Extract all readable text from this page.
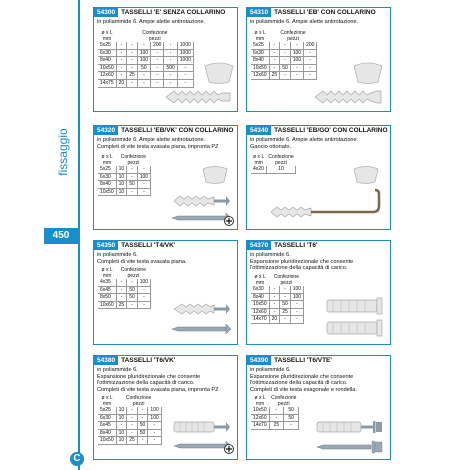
fissaggio
450
C
54300 TASSELLI 'E' SENZA COLLARINO
in poliammide 6. Ampie alette antirotazione.
ø x L	Confezione					
mm	pezzi					
5x25	-	-	-	200	-	1000
6x30	-	-	100	-	-	1000
8x40	-	-	100	-	-	1000
10x50	-	-	50	-	500	-
12x60	-	25	-	-	-	-
14x75	20	-	-	-	-	-
54310 TASSELLI 'EB' CON COLLARINO
in poliammide 6. Ampie alette antirotazione.
ø x L	Confezione			
mm	pezzi			
5x25	-	-	-	200
6x30	-	-	100	-
8x40	-	-	100	-
10x50	-	50	-	-
12x60	25	-	-	-
54320 TASSELLI 'EB/VK' CON COLLARINO
in poliammide 6. Ampie alette antirotazione.
Completi di vite testa svasata piana, impronta PZ
ø x L	Confezione		
mm	pezzi		
5x25	10	-	-
6x30	10	-	100
8x40	10	50	-
10x50	10	-	-
54340 TASSELLI 'EB/GO' CON COLLARINO
in poliammide 6. Ampie alette antirotazione.
Gancio ottonato.
ø x L	Confezione
mm	pezzi
4x20	10
54350 TASSELLI 'T4/VK'
in poliammide 6.
Completi di vite testa svasata piana.
ø x L	Confezione		
mm	pezzi		
4x35	-	-	100
6x45	-	50	-
8x50	-	50	-
10x60	25	-	-
54370 TASSELLI 'T6'
in poliammide 6.
Espansione pluridirezionale che consente
l'ottimizzazione della capacità di carico.
ø x L	Confezione		
mm	pezzi		
6x30	-	-	100
8x40	-	-	100
10x50	-	50	-
12x60	-	25	-
14x70	20	-	-
54380 TASSELLI 'T6/VK'
in poliammide 6.
Espansione pluridirezionale che consente
l'ottimizzazione della capacità di carico.
Completi di vite testa svasata piana, impronta PZ
ø x L	Confezione			
mm	pezzi			
5x25	10	-	-	100
6x30	10	-	-	100
6x45	-	-	50	-
8x40	10	-	50	-
10x50	10	25	-	-
54390 TASSELLI 'T6/VTE'
in poliammide 6.
Espansione pluridirezionale che consente
l'ottimizzazione della capacità di carico.
Completi di vite testa esagonale e rondella.
ø x L	Confezione	
mm	pezzi	
10x50	-	50
12x60	-	50
14x70	25	-
